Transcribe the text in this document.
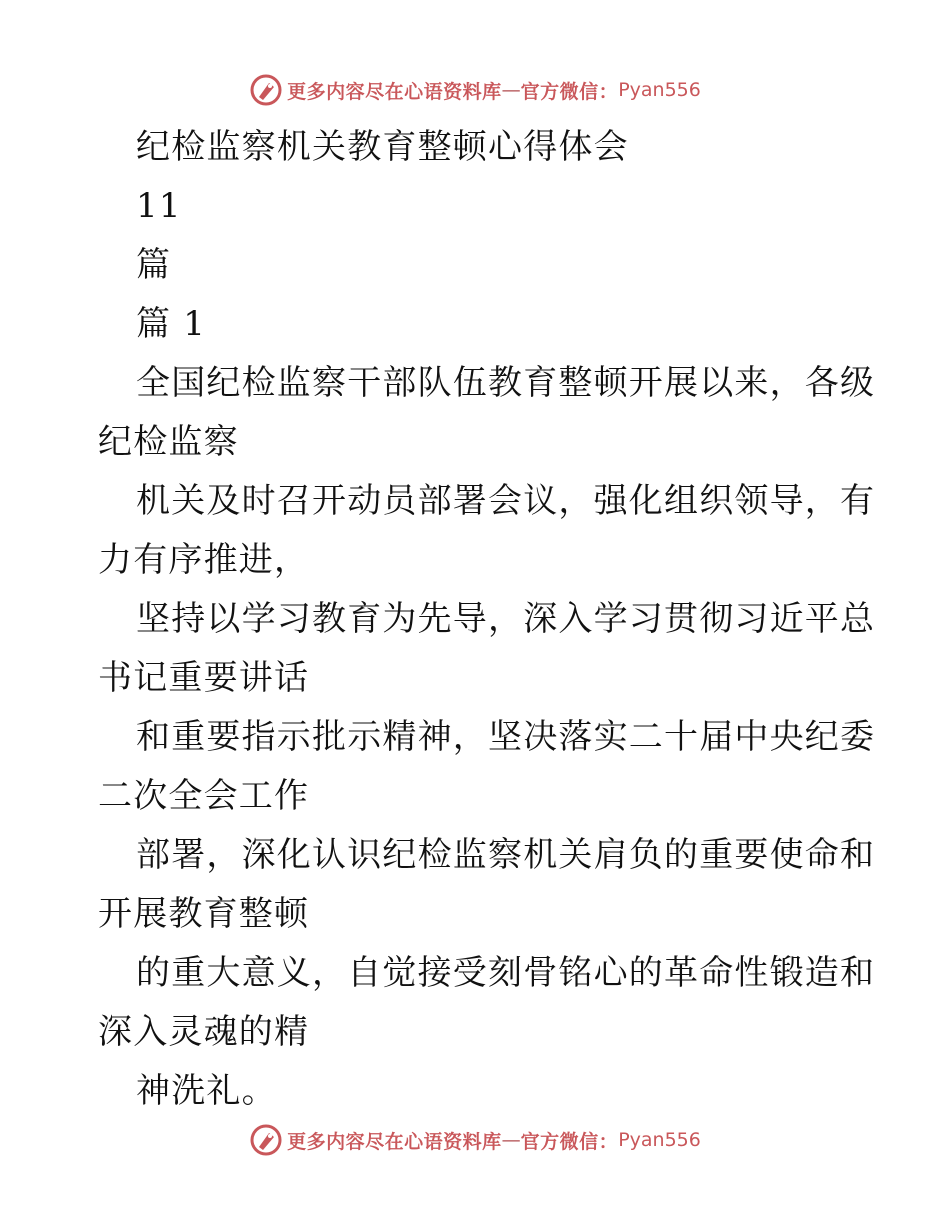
更多内容尽在心语资料库 — 官方微信： Pyan556
纪检监察机关教育整顿心得体会
11
篇
篇 1
全国纪检监察干部队伍教育整顿开展以来，各级
纪检监察
机关及时召开动员部署会议，强化组织领导，有
力有序推进，
坚持以学习教育为先导，深入学习贯彻习近平总
书记重要讲话
和重要指示批示精神，坚决落实二十届中央纪委
二次全会工作
部署，深化认识纪检监察机关肩负的重要使命和
开展教育整顿
的重大意义，自觉接受刻骨铭心的革命性锻造和
深入灵魂的精
神洗礼。
更多内容尽在心语资料库 — 官方微信： Pyan556
